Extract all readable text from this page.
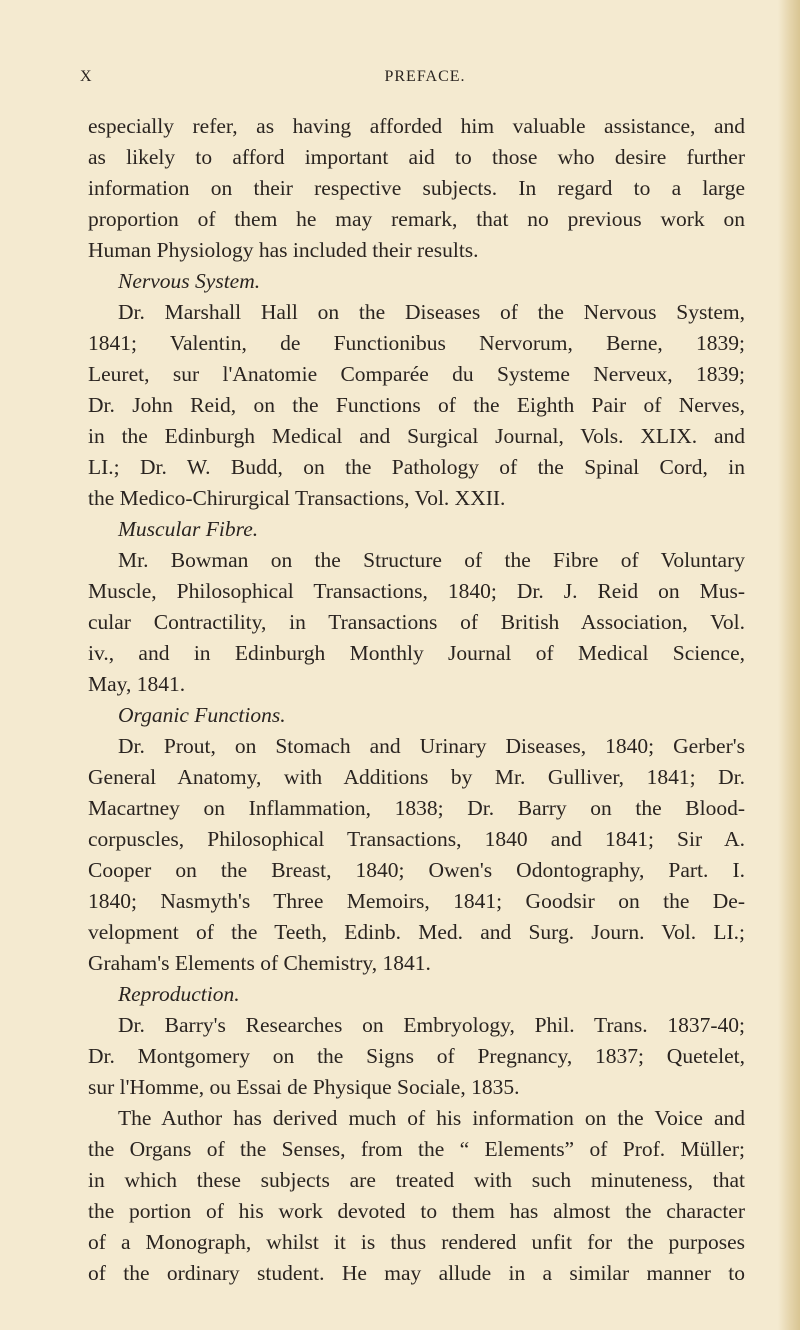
X	PREFACE.
especially refer, as having afforded him valuable assistance, and
as likely to afford important aid to those who desire further
information on their respective subjects. In regard to a large
proportion of them he may remark, that no previous work on
Human Physiology has included their results.
Nervous System.
Dr. Marshall Hall on the Diseases of the Nervous System,
1841; Valentin, de Functionibus Nervorum, Berne, 1839;
Leuret, sur l'Anatomie Comparée du Systeme Nerveux, 1839;
Dr. John Reid, on the Functions of the Eighth Pair of Nerves,
in the Edinburgh Medical and Surgical Journal, Vols. XLIX. and
LI.; Dr. W. Budd, on the Pathology of the Spinal Cord, in
the Medico-Chirurgical Transactions, Vol. XXII.
Muscular Fibre.
Mr. Bowman on the Structure of the Fibre of Voluntary
Muscle, Philosophical Transactions, 1840; Dr. J. Reid on Mus-
cular Contractility, in Transactions of British Association, Vol.
iv., and in Edinburgh Monthly Journal of Medical Science,
May, 1841.
Organic Functions.
Dr. Prout, on Stomach and Urinary Diseases, 1840; Gerber's
General Anatomy, with Additions by Mr. Gulliver, 1841; Dr.
Macartney on Inflammation, 1838; Dr. Barry on the Blood-
corpuscles, Philosophical Transactions, 1840 and 1841; Sir A.
Cooper on the Breast, 1840; Owen's Odontography, Part. I.
1840; Nasmyth's Three Memoirs, 1841; Goodsir on the De-
velopment of the Teeth, Edinb. Med. and Surg. Journ. Vol. LI.;
Graham's Elements of Chemistry, 1841.
Reproduction.
Dr. Barry's Researches on Embryology, Phil. Trans. 1837-40;
Dr. Montgomery on the Signs of Pregnancy, 1837; Quetelet,
sur l'Homme, ou Essai de Physique Sociale, 1835.
The Author has derived much of his information on the Voice and
the Organs of the Senses, from the “ Elements” of Prof. Müller;
in which these subjects are treated with such minuteness, that
the portion of his work devoted to them has almost the character
of a Monograph, whilst it is thus rendered unfit for the purposes
of the ordinary student. He may allude in a similar manner to
